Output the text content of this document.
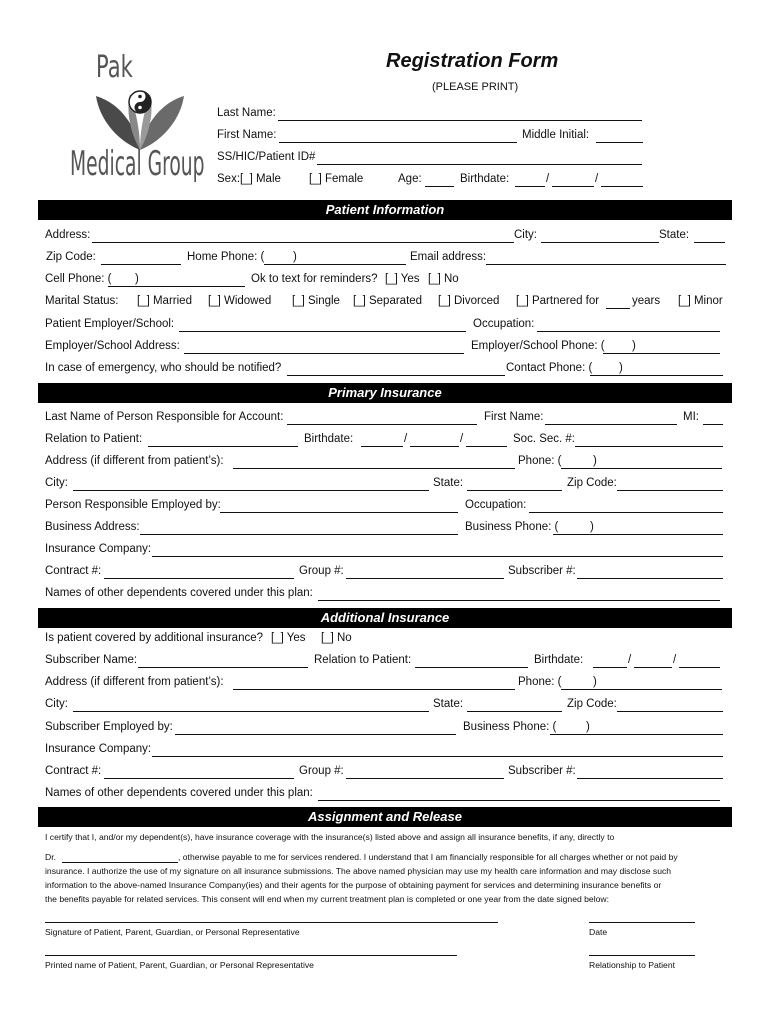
Pak
Medical Group
Registration Form
(PLEASE PRINT)
Last Name:
First Name:	Middle Initial:
SS/HIC/Patient ID#
Sex: [_] Male [_] Female	Age:	Birthdate:	/	/
Patient Information
Address:	City:	State:
Zip Code:	Home Phone: ( )	Email address:
Cell Phone: ( )	Ok to text for reminders? [_] Yes [_] No
Marital Status: [_] Married [_] Widowed [_] Single [_] Separated [_] Divorced [_] Partnered for	years [_] Minor
Patient Employer/School:	Occupation:
Employer/School Address:	Employer/School Phone: ( )
In case of emergency, who should be notified?	Contact Phone: ( )
Primary Insurance
Last Name of Person Responsible for Account:	First Name:	MI:
Relation to Patient:	Birthdate:	/	/	Soc. Sec. #:
Address (if different from patient’s):	Phone: (	)
City:	State:	Zip Code:
Person Responsible Employed by:	Occupation:
Business Address:	Business Phone: (	)
Insurance Company:
Contract #:	Group #:	Subscriber #:
Names of other dependents covered under this plan:
Additional Insurance
Is patient covered by additional insurance? [_] Yes [_] No
Subscriber Name:	Relation to Patient:	Birthdate:	/	/
Address (if different from patient’s):	Phone: (	)
City:	State:	Zip Code:
Subscriber Employed by:	Business Phone: (	)
Insurance Company:
Contract #:	Group #:	Subscriber #:
Names of other dependents covered under this plan:
Assignment and Release
I certify that I, and/or my dependent(s), have insurance coverage with the insurance(s) listed above and assign all insurance benefits, if any, directly to
Dr.	, otherwise payable to me for services rendered. I understand that I am financially responsible for all charges whether or not paid by
insurance. I authorize the use of my signature on all insurance submissions. The above named physician may use my health care information and may disclose such
information to the above-named Insurance Company(ies) and their agents for the purpose of obtaining payment for services and determining insurance benefits or
the benefits payable for related services. This consent will end when my current treatment plan is completed or one year from the date signed below:
Signature of Patient, Parent, Guardian, or Personal Representative	Date
Printed name of Patient, Parent, Guardian, or Personal Representative	Relationship to Patient
